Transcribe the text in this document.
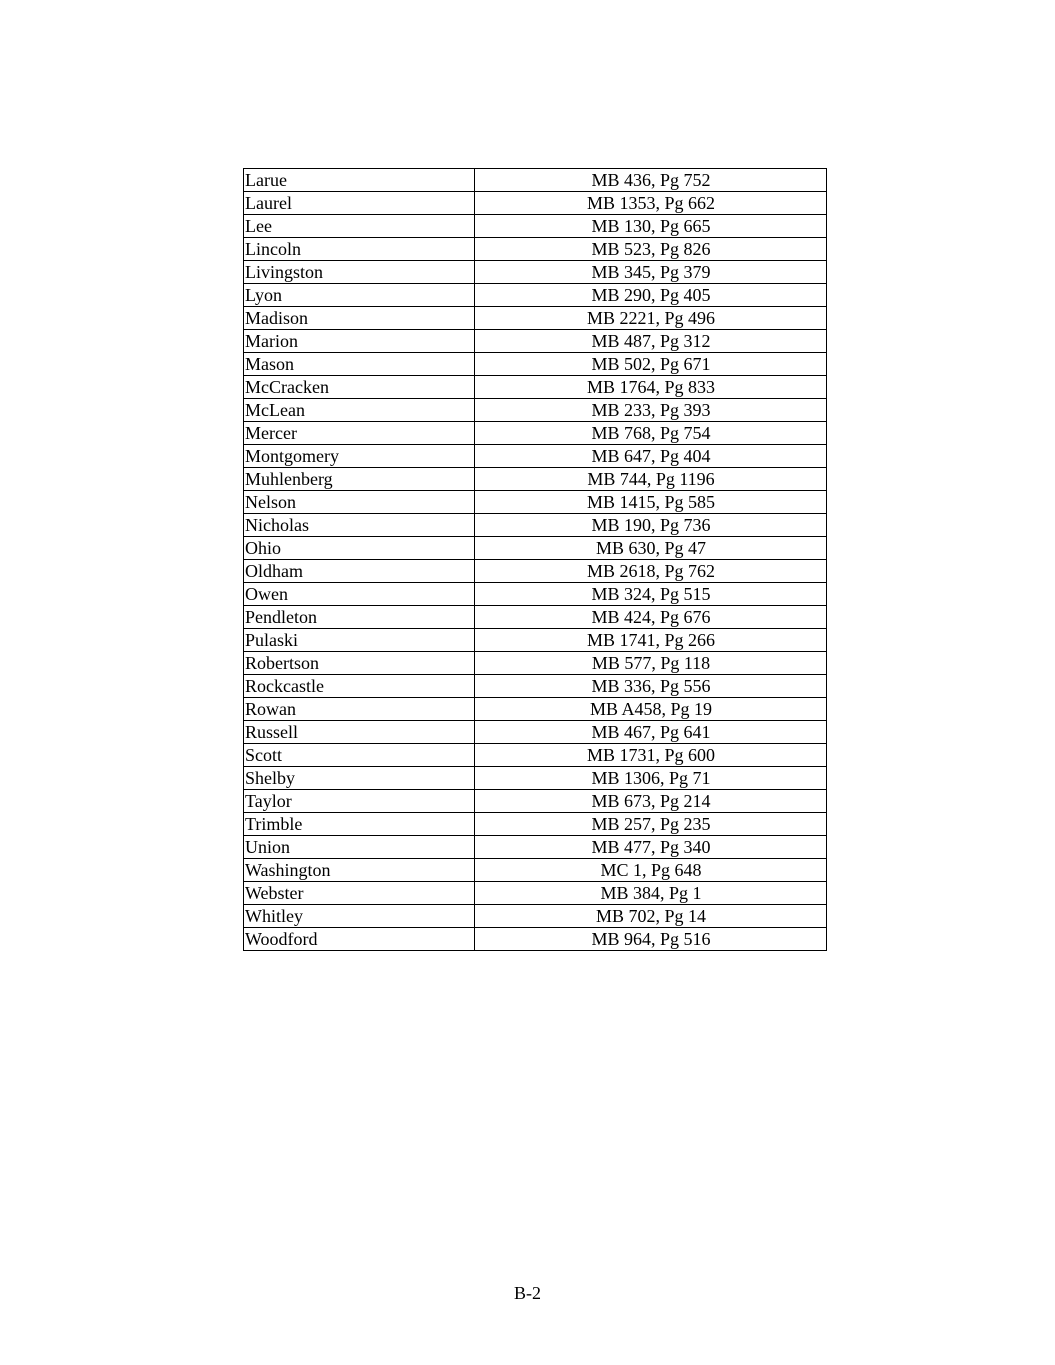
Larue	MB 436, Pg 752
Laurel	MB 1353, Pg 662
Lee	MB 130, Pg 665
Lincoln	MB 523, Pg 826
Livingston	MB 345, Pg 379
Lyon	MB 290, Pg 405
Madison	MB 2221, Pg 496
Marion	MB 487, Pg 312
Mason	MB 502, Pg 671
McCracken	MB 1764, Pg 833
McLean	MB 233, Pg 393
Mercer	MB 768, Pg 754
Montgomery	MB 647, Pg 404
Muhlenberg	MB 744, Pg 1196
Nelson	MB 1415, Pg 585
Nicholas	MB 190, Pg 736
Ohio	MB 630, Pg 47
Oldham	MB 2618, Pg 762
Owen	MB 324, Pg 515
Pendleton	MB 424, Pg 676
Pulaski	MB 1741, Pg 266
Robertson	MB 577, Pg 118
Rockcastle	MB 336, Pg 556
Rowan	MB A458, Pg 19
Russell	MB 467, Pg 641
Scott	MB 1731, Pg 600
Shelby	MB 1306, Pg 71
Taylor	MB 673, Pg 214
Trimble	MB 257, Pg 235
Union	MB 477, Pg 340
Washington	MC 1, Pg 648
Webster	MB 384, Pg 1
Whitley	MB 702, Pg 14
Woodford	MB 964, Pg 516
B-2
